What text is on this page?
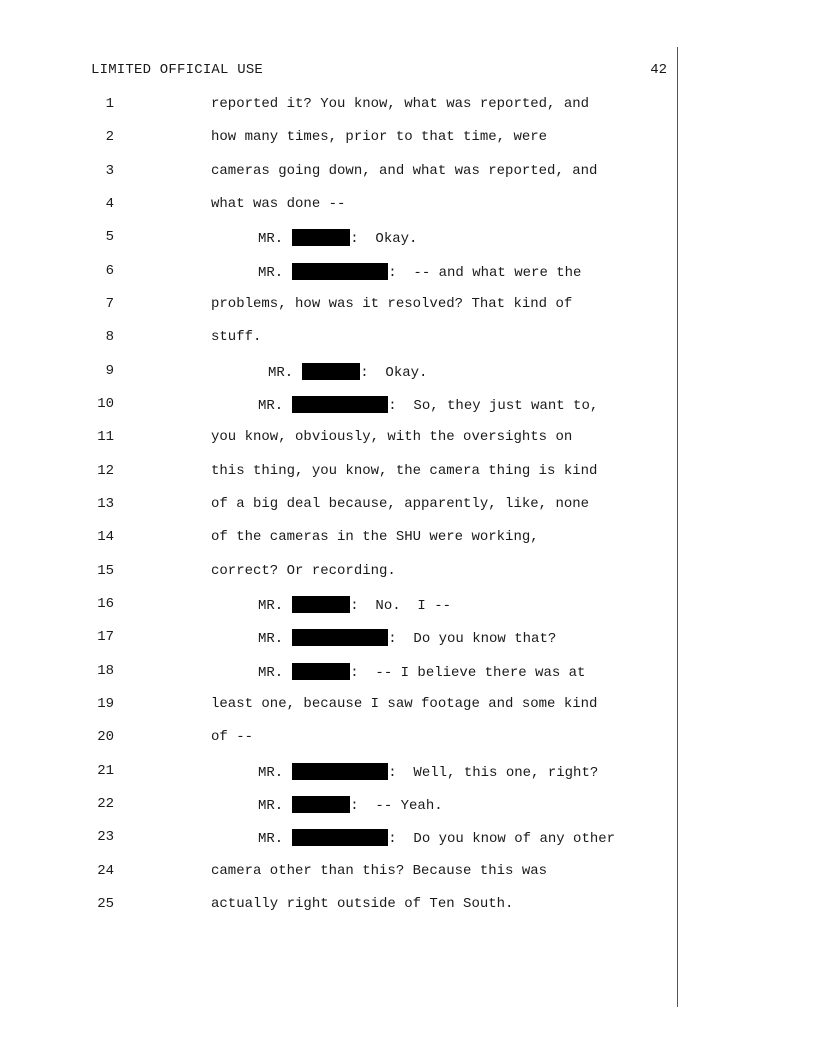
LIMITED OFFICIAL USE	42
1	reported it? You know, what was reported, and
2	how many times, prior to that time, were
3	cameras going down, and what was reported, and
4	what was done --
5	MR.	:  Okay.
6	MR.	:  -- and what were the
7	problems, how was it resolved? That kind of
8	stuff.
9	MR.	:  Okay.
10	MR.	:  So, they just want to,
11	you know, obviously, with the oversights on
12	this thing, you know, the camera thing is kind
13	of a big deal because, apparently, like, none
14	of the cameras in the SHU were working,
15	correct? Or recording.
16	MR.	:  No.  I --
17	MR.	:  Do you know that?
18	MR.	:  -- I believe there was at
19	least one, because I saw footage and some kind
20	of --
21	MR.	:  Well, this one, right?
22	MR.	:  -- Yeah.
23	MR.	:  Do you know of any other
24	camera other than this? Because this was
25	actually right outside of Ten South.
